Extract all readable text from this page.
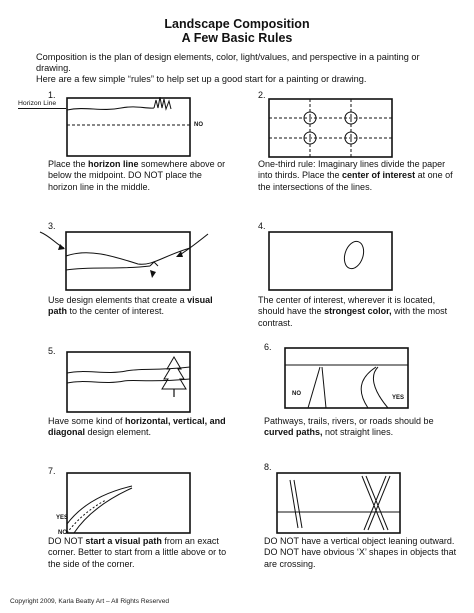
Landscape Composition
A Few Basic Rules
Composition is the plan of design elements, color, light/values, and perspective in a painting or drawing.
Here are a few simple “rules” to help set up a good start for a painting or drawing.
1.
Horizon Line
NO
Place the horizon line somewhere above or below the midpoint. DO NOT place the horizon line in the middle.
2.
One-third rule: Imaginary lines divide the paper into thirds. Place the center of interest at one of the intersections of the lines.
3.
Use design elements that create a visual path to the center of interest.
4.
The center of interest, wherever it is located, should have the strongest color, with the most contrast.
5.
Have some kind of horizontal, vertical, and diagonal design element.
6.
NO
YES
Pathways, trails, rivers, or roads should be curved paths, not straight lines.
7.
YES
NO
DO NOT start a visual path from an exact corner. Better to start from a little above or to the side of the corner.
8.
DO NOT have a vertical object leaning outward. DO NOT have obvious ‘X’ shapes in objects that are crossing.
Copyright 2009, Karla Beatty Art – All Rights Reserved
